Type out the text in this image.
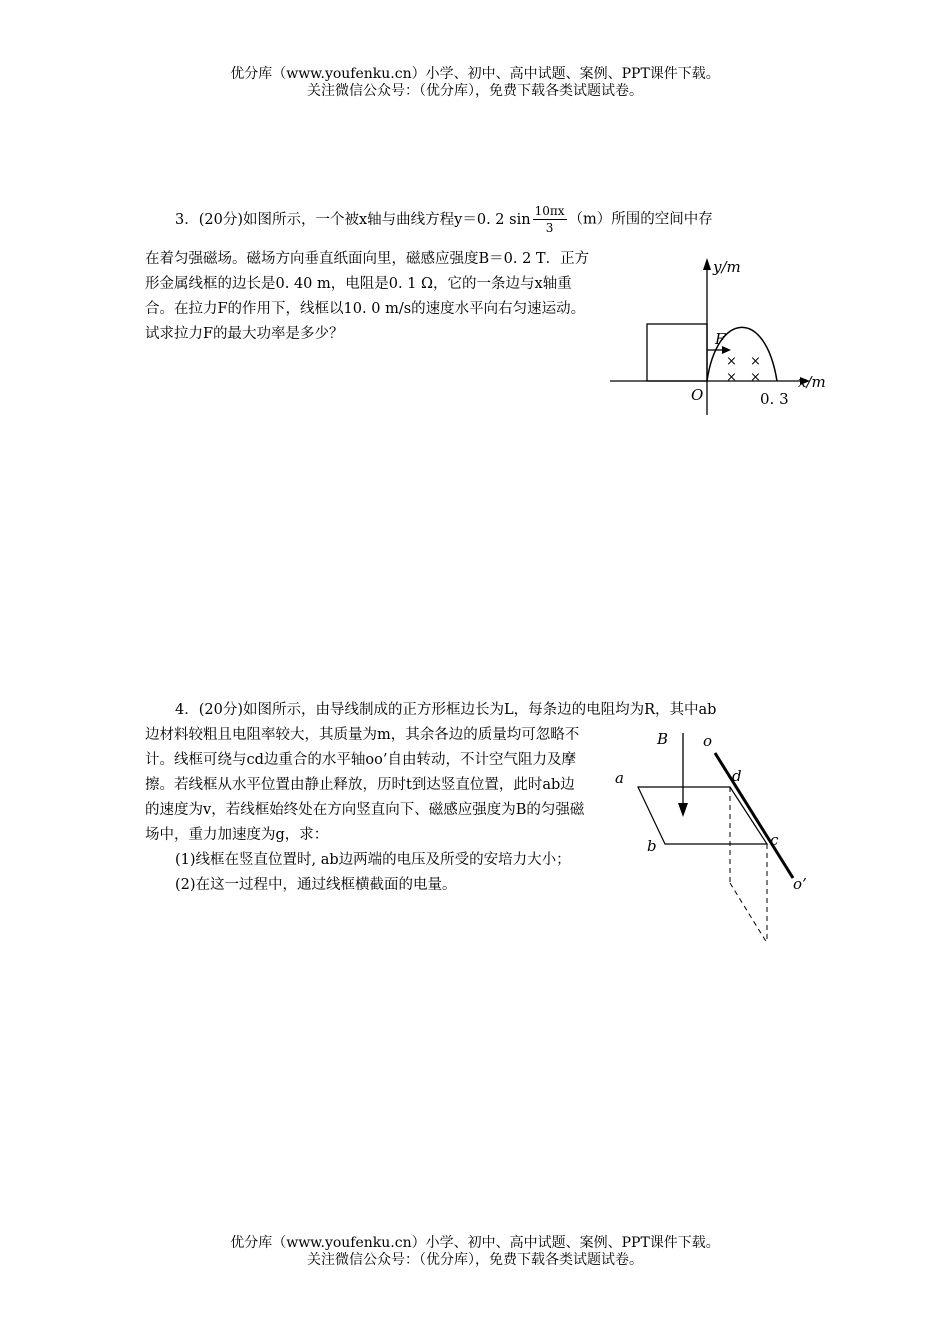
优分库（www.youfenku.cn）小学、初中、高中试题、案例、PPT课件下载。
关注微信公众号：（优分库），免费下载各类试题试卷。
3．(20分)如图所示，一个被x轴与曲线方程y＝0. 2 $\sin \frac{10\pi x}{3} (m)$所围的空间中存
在着匀强磁场。磁场方向垂直纸面向里，磁感应强度B＝0. 2 T．正方形金属线框的边长是0. 40 m，电阻是0. 1 Ω，它的一条边与x轴重合。在拉力F的作用下，线框以10. 0 m/s的速度水平向右匀速运动。试求拉力F的最大功率是多少？
y/m
x/m
O
F
0. 3
× ×
× ×
4．(20分)如图所示，由导线制成的正方形框边长为L，每条边的电阻均为R，其中ab
边材料较粗且电阻率较大，其质量为m，其余各边的质量均可忽略不计。线框可绕与cd边重合的水平轴oo’自由转动，不计空气阻力及摩擦。若线框从水平位置由静止释放，历时t到达竖直位置，此时ab边的速度为v，若线框始终处在方向竖直向下、磁感应强度为B的匀强磁场中，重力加速度为g，求：
(1)线框在竖直位置时, ab边两端的电压及所受的安培力大小；
(2)在这一过程中，通过线框横截面的电量。
B o
o’
a
b	c
d
优分库（www.youfenku.cn）小学、初中、高中试题、案例、PPT课件下载。
关注微信公众号：（优分库），免费下载各类试题试卷。
